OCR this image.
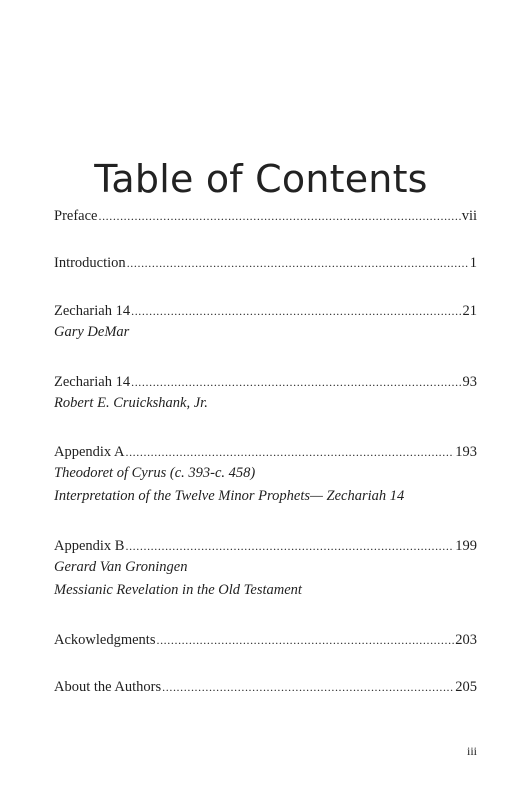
Table of Contents
Preface .....	vii
Introduction .....	1
Zechariah 14 .....	21
Gary DeMar
Zechariah 14 .....	93
Robert E. Cruickshank, Jr.
Appendix A .....	193
Theodoret of Cyrus (c. 393-c. 458)
Interpretation of the Twelve Minor Prophets— Zechariah 14
Appendix B .....	199
Gerard Van Groningen
Messianic Revelation in the Old Testament
Ackowledgments .....	203
About the Authors .....	205
iii
